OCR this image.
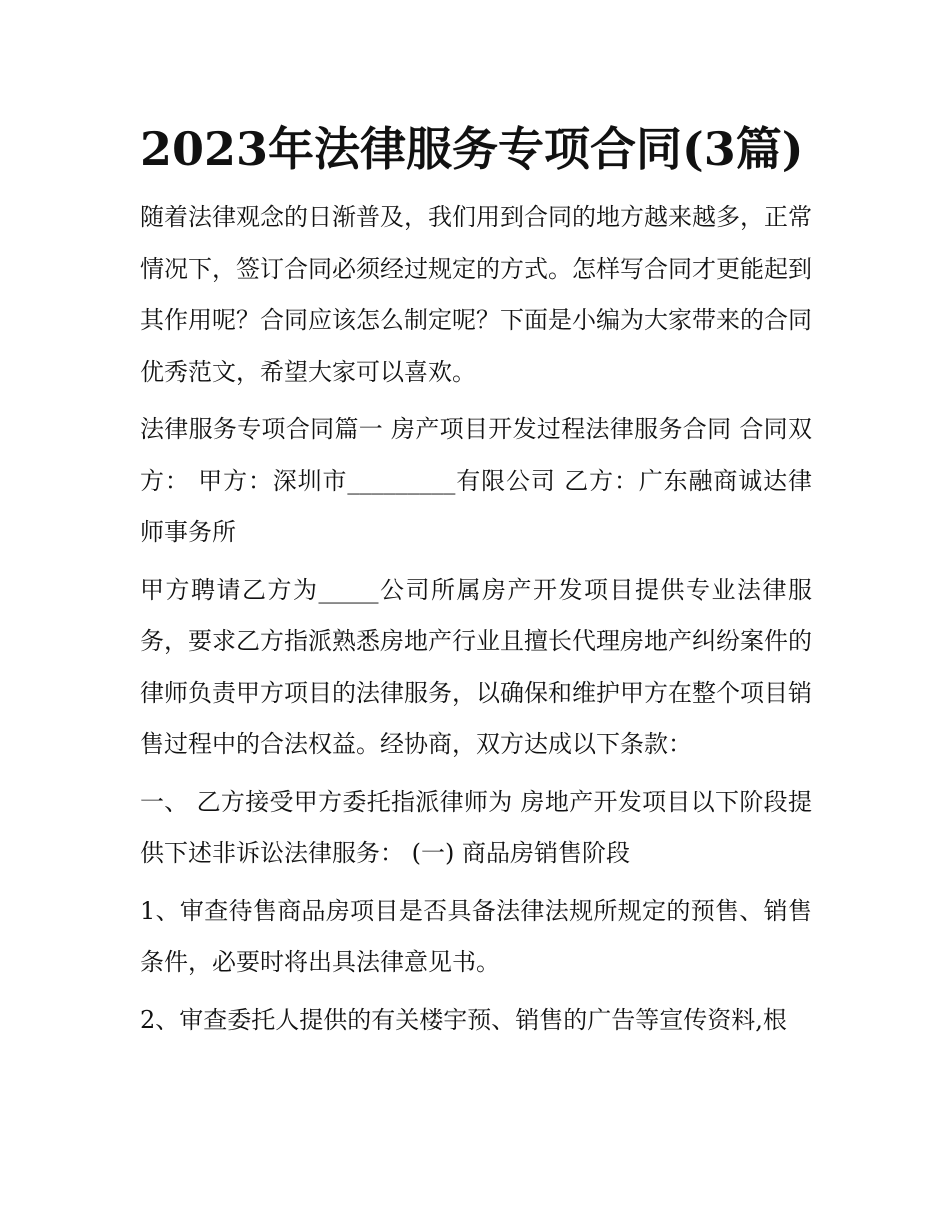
2023年法律服务专项合同(3篇)

随着法律观念的日渐普及，我们用到合同的地方越来越多，正常情况下，签订合同必须经过规定的方式。怎样写合同才更能起到其作用呢？合同应该怎么制定呢？下面是小编为大家带来的合同优秀范文，希望大家可以喜欢。

法律服务专项合同篇一 房产项目开发过程法律服务合同 合同双方： 甲方：深圳市_________有限公司 乙方：广东融商诚达律师事务所

甲方聘请乙方为_____公司所属房产开发项目提供专业法律服务，要求乙方指派熟悉房地产行业且擅长代理房地产纠纷案件的律师负责甲方项目的法律服务，以确保和维护甲方在整个项目销售过程中的合法权益。经协商，双方达成以下条款：

一、 乙方接受甲方委托指派律师为 房地产开发项目以下阶段提供下述非诉讼法律服务： (一) 商品房销售阶段

1、审查待售商品房项目是否具备法律法规所规定的预售、销售条件，必要时将出具法律意见书。

2、审查委托人提供的有关楼宇预、销售的广告等宣传资料,根
